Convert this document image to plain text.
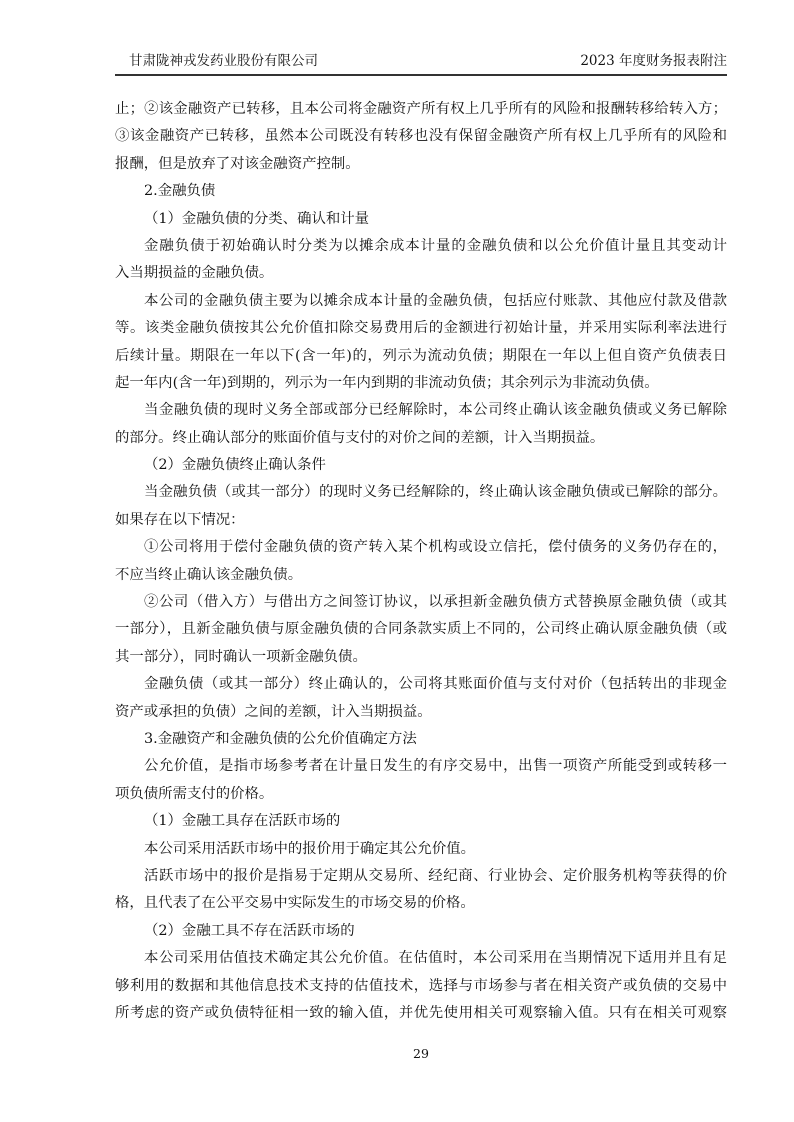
甘肃陇神戎发药业股份有限公司	2023 年度财务报表附注
止；②该金融资产已转移，且本公司将金融资产所有权上几乎所有的风险和报酬转移给转入方；
③该金融资产已转移，虽然本公司既没有转移也没有保留金融资产所有权上几乎所有的风险和
报酬，但是放弃了对该金融资产控制。
2.金融负债
（1）金融负债的分类、确认和计量
金融负债于初始确认时分类为以摊余成本计量的金融负债和以公允价值计量且其变动计
入当期损益的金融负债。
本公司的金融负债主要为以摊余成本计量的金融负债，包括应付账款、其他应付款及借款
等。该类金融负债按其公允价值扣除交易费用后的金额进行初始计量，并采用实际利率法进行
后续计量。期限在一年以下(含一年)的，列示为流动负债；期限在一年以上但自资产负债表日
起一年内(含一年)到期的，列示为一年内到期的非流动负债；其余列示为非流动负债。
当金融负债的现时义务全部或部分已经解除时，本公司终止确认该金融负债或义务已解除
的部分。终止确认部分的账面价值与支付的对价之间的差额，计入当期损益。
（2）金融负债终止确认条件
当金融负债（或其一部分）的现时义务已经解除的，终止确认该金融负债或已解除的部分。
如果存在以下情况：
①公司将用于偿付金融负债的资产转入某个机构或设立信托，偿付债务的义务仍存在的，
不应当终止确认该金融负债。
②公司（借入方）与借出方之间签订协议，以承担新金融负债方式替换原金融负债（或其
一部分），且新金融负债与原金融负债的合同条款实质上不同的，公司终止确认原金融负债（或
其一部分），同时确认一项新金融负债。
金融负债（或其一部分）终止确认的，公司将其账面价值与支付对价（包括转出的非现金
资产或承担的负债）之间的差额，计入当期损益。
3.金融资产和金融负债的公允价值确定方法
公允价值，是指市场参考者在计量日发生的有序交易中，出售一项资产所能受到或转移一
项负债所需支付的价格。
（1）金融工具存在活跃市场的
本公司采用活跃市场中的报价用于确定其公允价值。
活跃市场中的报价是指易于定期从交易所、经纪商、行业协会、定价服务机构等获得的价
格，且代表了在公平交易中实际发生的市场交易的价格。
（2）金融工具不存在活跃市场的
本公司采用估值技术确定其公允价值。在估值时，本公司采用在当期情况下适用并且有足
够利用的数据和其他信息技术支持的估值技术，选择与市场参与者在相关资产或负债的交易中
所考虑的资产或负债特征相一致的输入值，并优先使用相关可观察输入值。只有在相关可观察
29
